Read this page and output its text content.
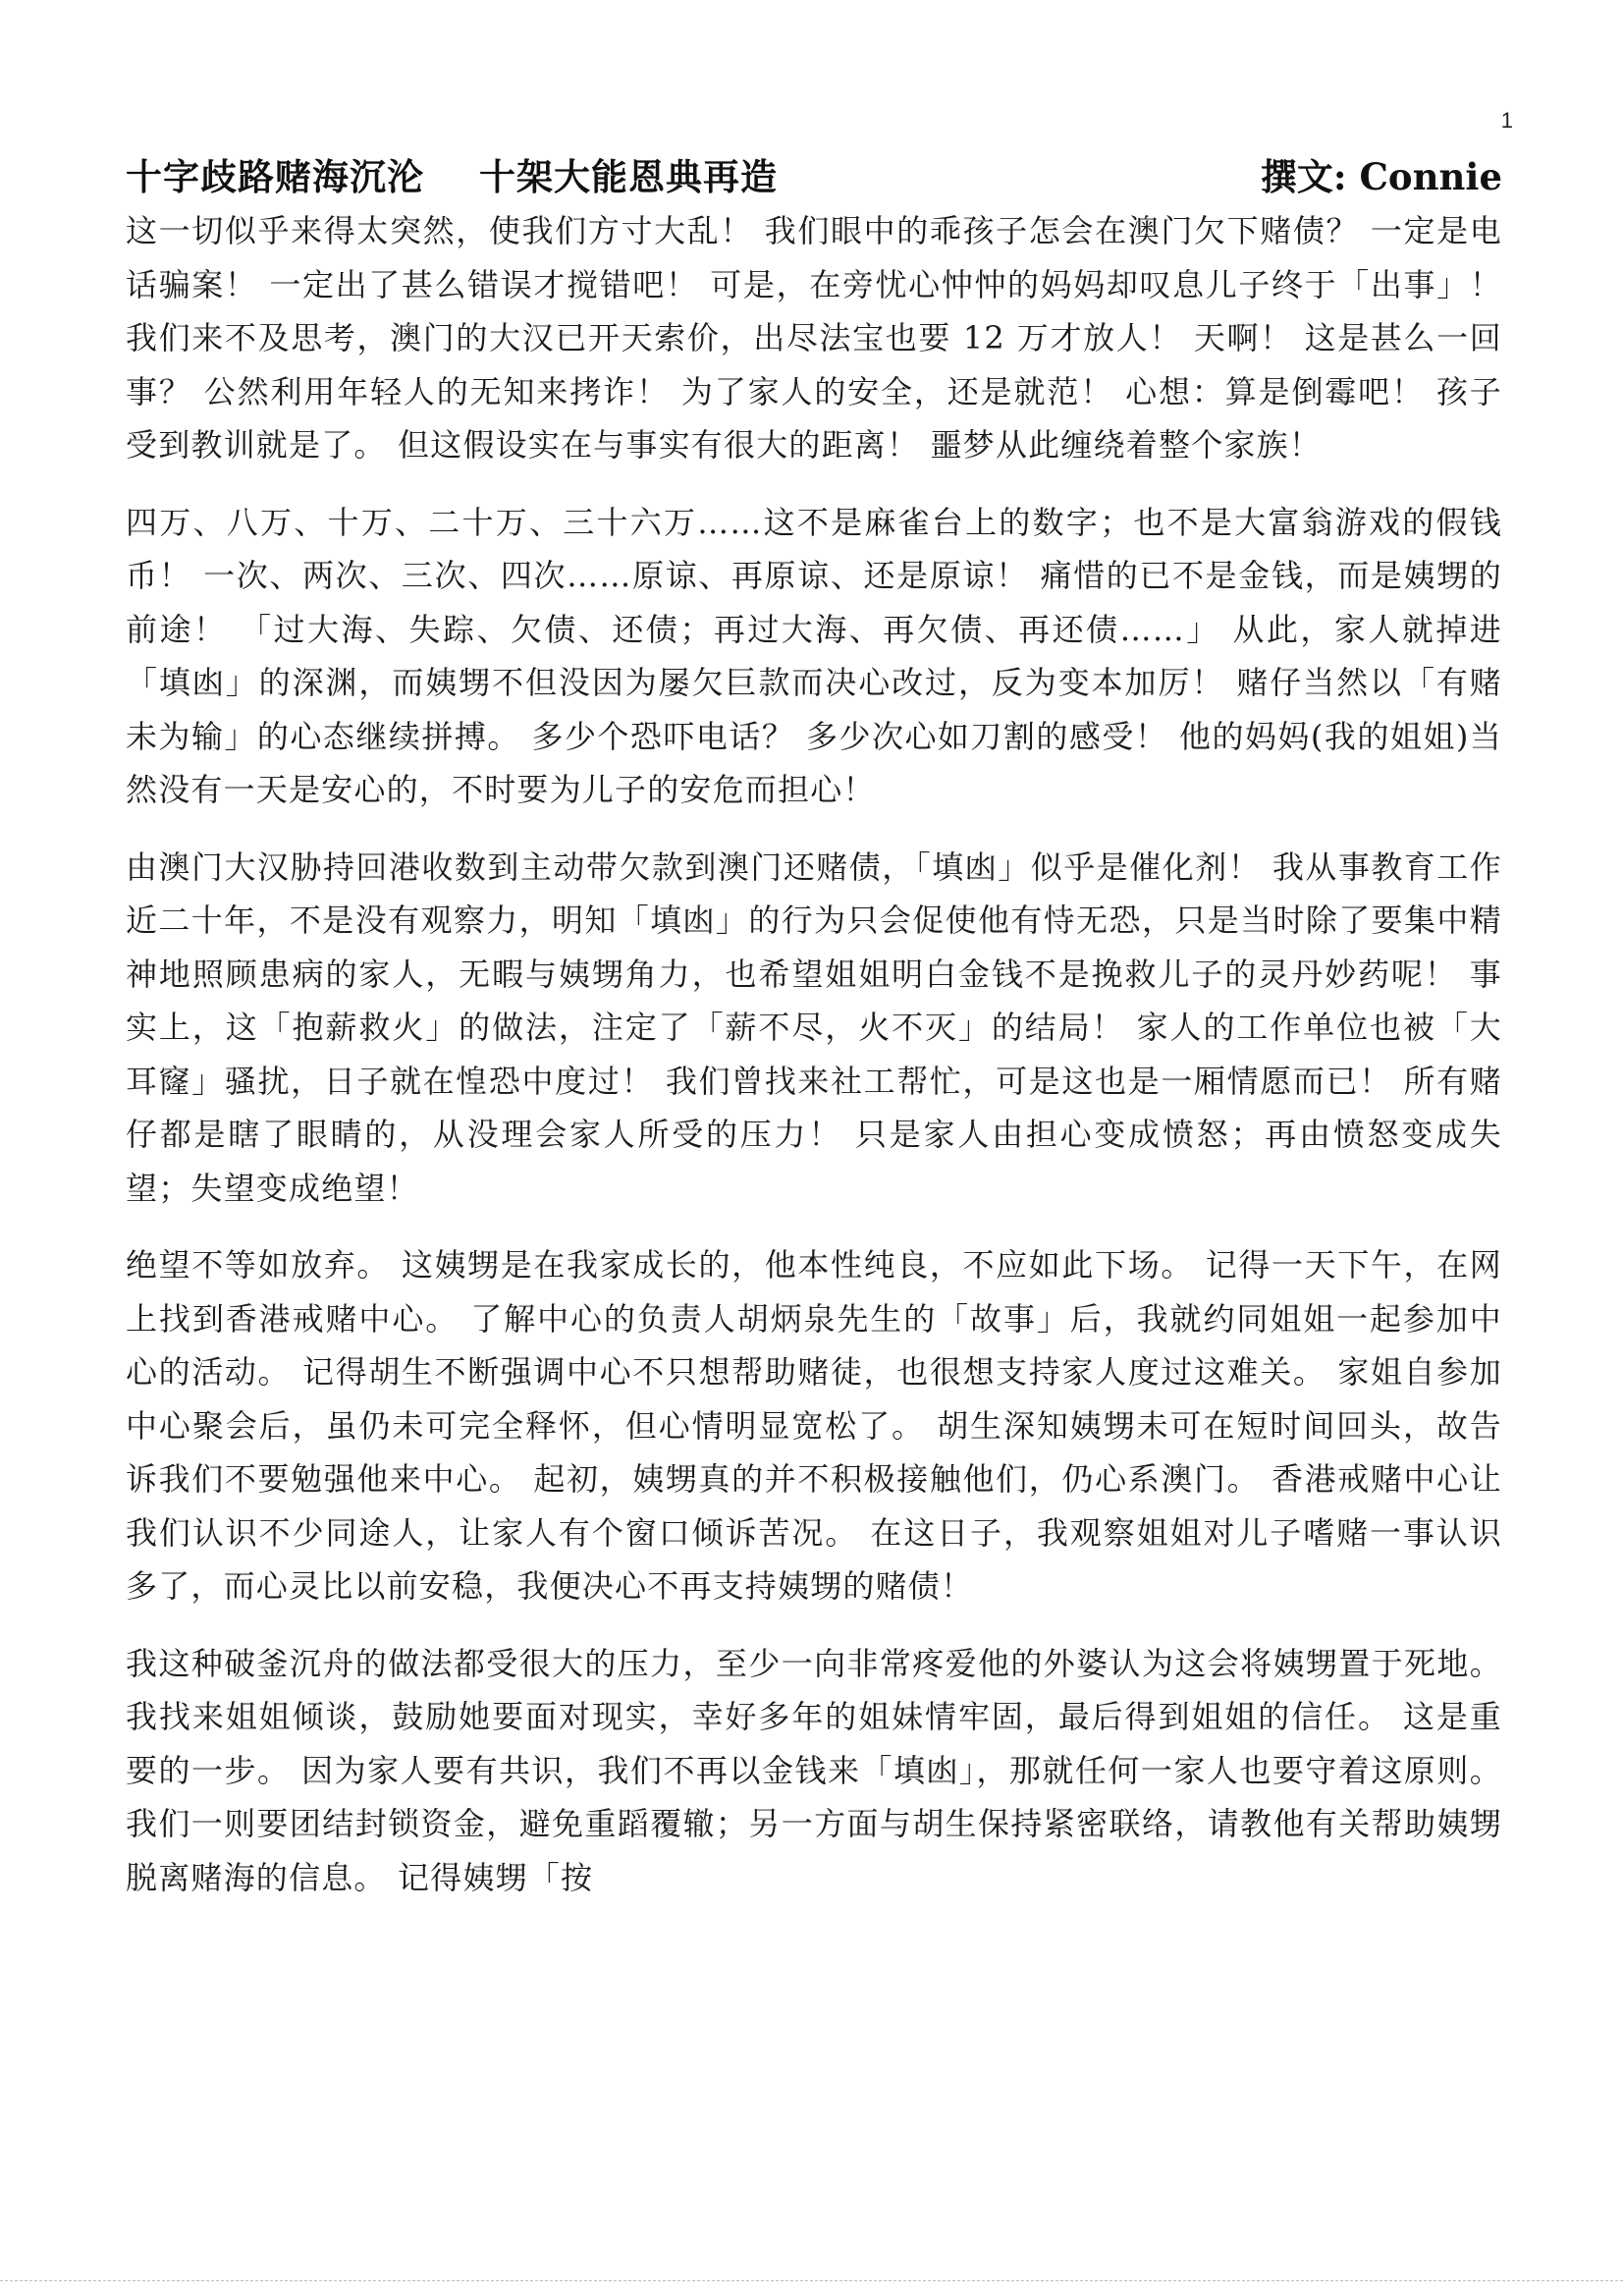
1
十字歧路赌海沉沦 十架大能恩典再造	撰文: Connie

这一切似乎来得太突然，使我们方寸大乱！ 我们眼中的乖孩子怎会在澳门欠下赌债？ 一定是电话骗案！ 一定出了甚么错误才搅错吧！ 可是，在旁忧心忡忡的妈妈却叹息儿子终于「出事」！ 我们来不及思考，澳门的大汉已开天索价，出尽法宝也要 12 万才放人！ 天啊！ 这是甚么一回事？ 公然利用年轻人的无知来拷诈！ 为了家人的安全，还是就范！ 心想：算是倒霉吧！ 孩子受到教训就是了。 但这假设实在与事实有很大的距离！ 噩梦从此缠绕着整个家族！

四万、八万、十万、二十万、三十六万……这不是麻雀台上的数字；也不是大富翁游戏的假钱币！ 一次、两次、三次、四次……原谅、再原谅、还是原谅！ 痛惜的已不是金钱，而是姨甥的前途！ 「过大海、失踪、欠债、还债；再过大海、再欠债、再还债……」 从此，家人就掉进「填凼」的深渊，而姨甥不但没因为屡欠巨款而决心改过，反为变本加厉！ 赌仔当然以「有赌未为输」的心态继续拼搏。 多少个恐吓电话？ 多少次心如刀割的感受！ 他的妈妈(我的姐姐)当然没有一天是安心的，不时要为儿子的安危而担心！

由澳门大汉胁持回港收数到主动带欠款到澳门还赌债，「填凼」似乎是催化剂！ 我从事教育工作近二十年，不是没有观察力，明知「填凼」的行为只会促使他有恃无恐，只是当时除了要集中精神地照顾患病的家人，无暇与姨甥角力，也希望姐姐明白金钱不是挽救儿子的灵丹妙药呢！ 事实上，这「抱薪救火」的做法，注定了「薪不尽，火不灭」的结局！ 家人的工作单位也被「大耳窿」骚扰，日子就在惶恐中度过！ 我们曾找来社工帮忙，可是这也是一厢情愿而已！ 所有赌仔都是瞎了眼睛的，从没理会家人所受的压力！ 只是家人由担心变成愤怒；再由愤怒变成失望；失望变成绝望！

绝望不等如放弃。 这姨甥是在我家成长的，他本性纯良，不应如此下场。 记得一天下午，在网上找到香港戒赌中心。 了解中心的负责人胡炳泉先生的「故事」后，我就约同姐姐一起参加中心的活动。 记得胡生不断强调中心不只想帮助赌徒，也很想支持家人度过这难关。 家姐自参加中心聚会后，虽仍未可完全释怀，但心情明显宽松了。 胡生深知姨甥未可在短时间回头，故告诉我们不要勉强他来中心。 起初，姨甥真的并不积极接触他们，仍心系澳门。 香港戒赌中心让我们认识不少同途人，让家人有个窗口倾诉苦况。 在这日子，我观察姐姐对儿子嗜赌一事认识多了，而心灵比以前安稳，我便决心不再支持姨甥的赌债！

我这种破釜沉舟的做法都受很大的压力，至少一向非常疼爱他的外婆认为这会将姨甥置于死地。 我找来姐姐倾谈，鼓励她要面对现实，幸好多年的姐妹情牢固，最后得到姐姐的信任。 这是重要的一步。 因为家人要有共识，我们不再以金钱来「填凼」，那就任何一家人也要守着这原则。 我们一则要团结封锁资金，避免重蹈覆辙；另一方面与胡生保持紧密联络，请教他有关帮助姨甥脱离赌海的信息。 记得姨甥「按
